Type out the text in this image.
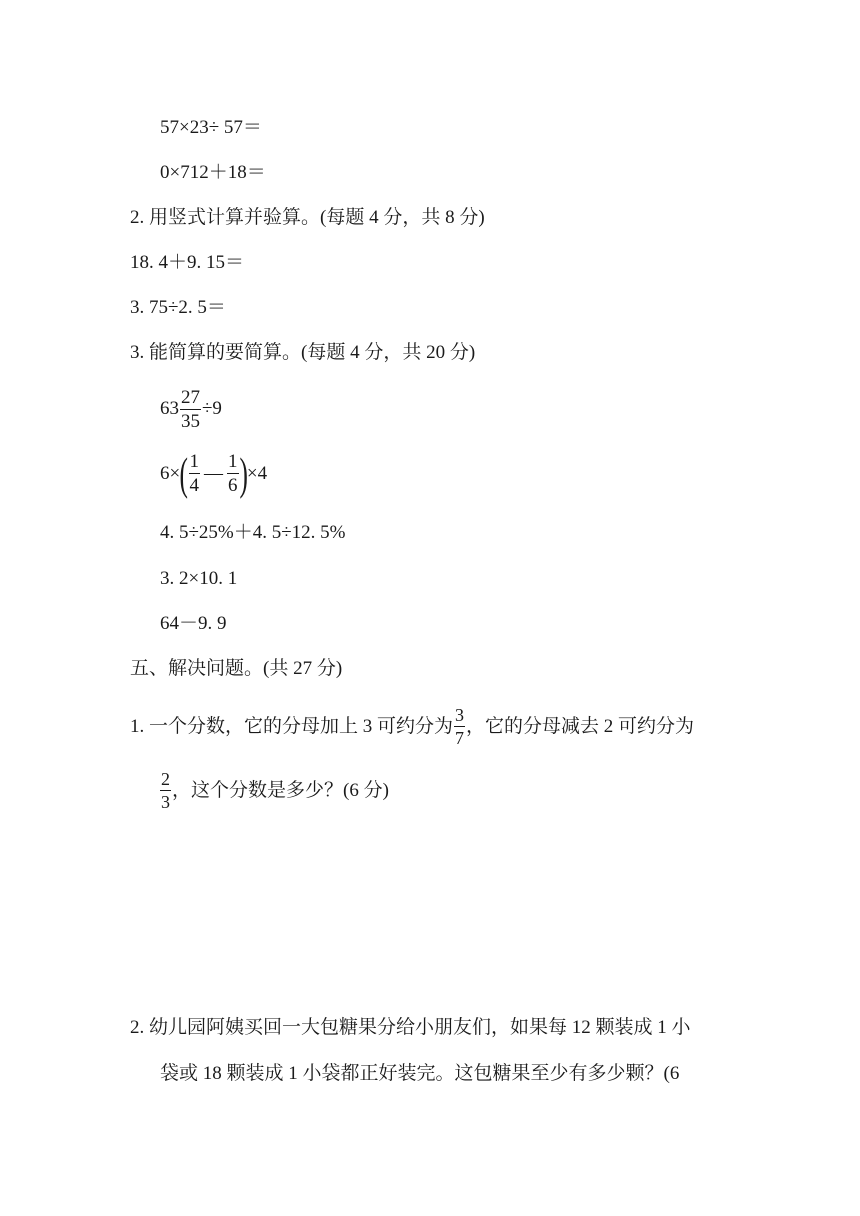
57×23÷ 57＝
0×712＋18＝
2. 用竖式计算并验算。(每题 4 分，共 8 分)
18. 4＋9. 15＝
3. 75÷2. 5＝
3. 能简算的要简算。(每题 4 分，共 20 分)
$63 \frac{27}{35} \div 9$
6× ( $\frac{1}{4}$ — $\frac{1}{6}$ ) ×4
4. 5÷25%＋4. 5÷12. 5%
3. 2×10. 1
64－9. 9
五、解决问题。(共 27 分)
1. 一个分数，它的分母加上 3 可约分为 $\frac{3}{7}$ ，它的分母减去 2 可约分为
$\frac{2}{3}$ ，这个分数是多少？(6 分)
2. 幼儿园阿姨买回一大包糖果分给小朋友们，如果每 12 颗装成 1 小
袋或 18 颗装成 1 小袋都正好装完。这包糖果至少有多少颗？(6
